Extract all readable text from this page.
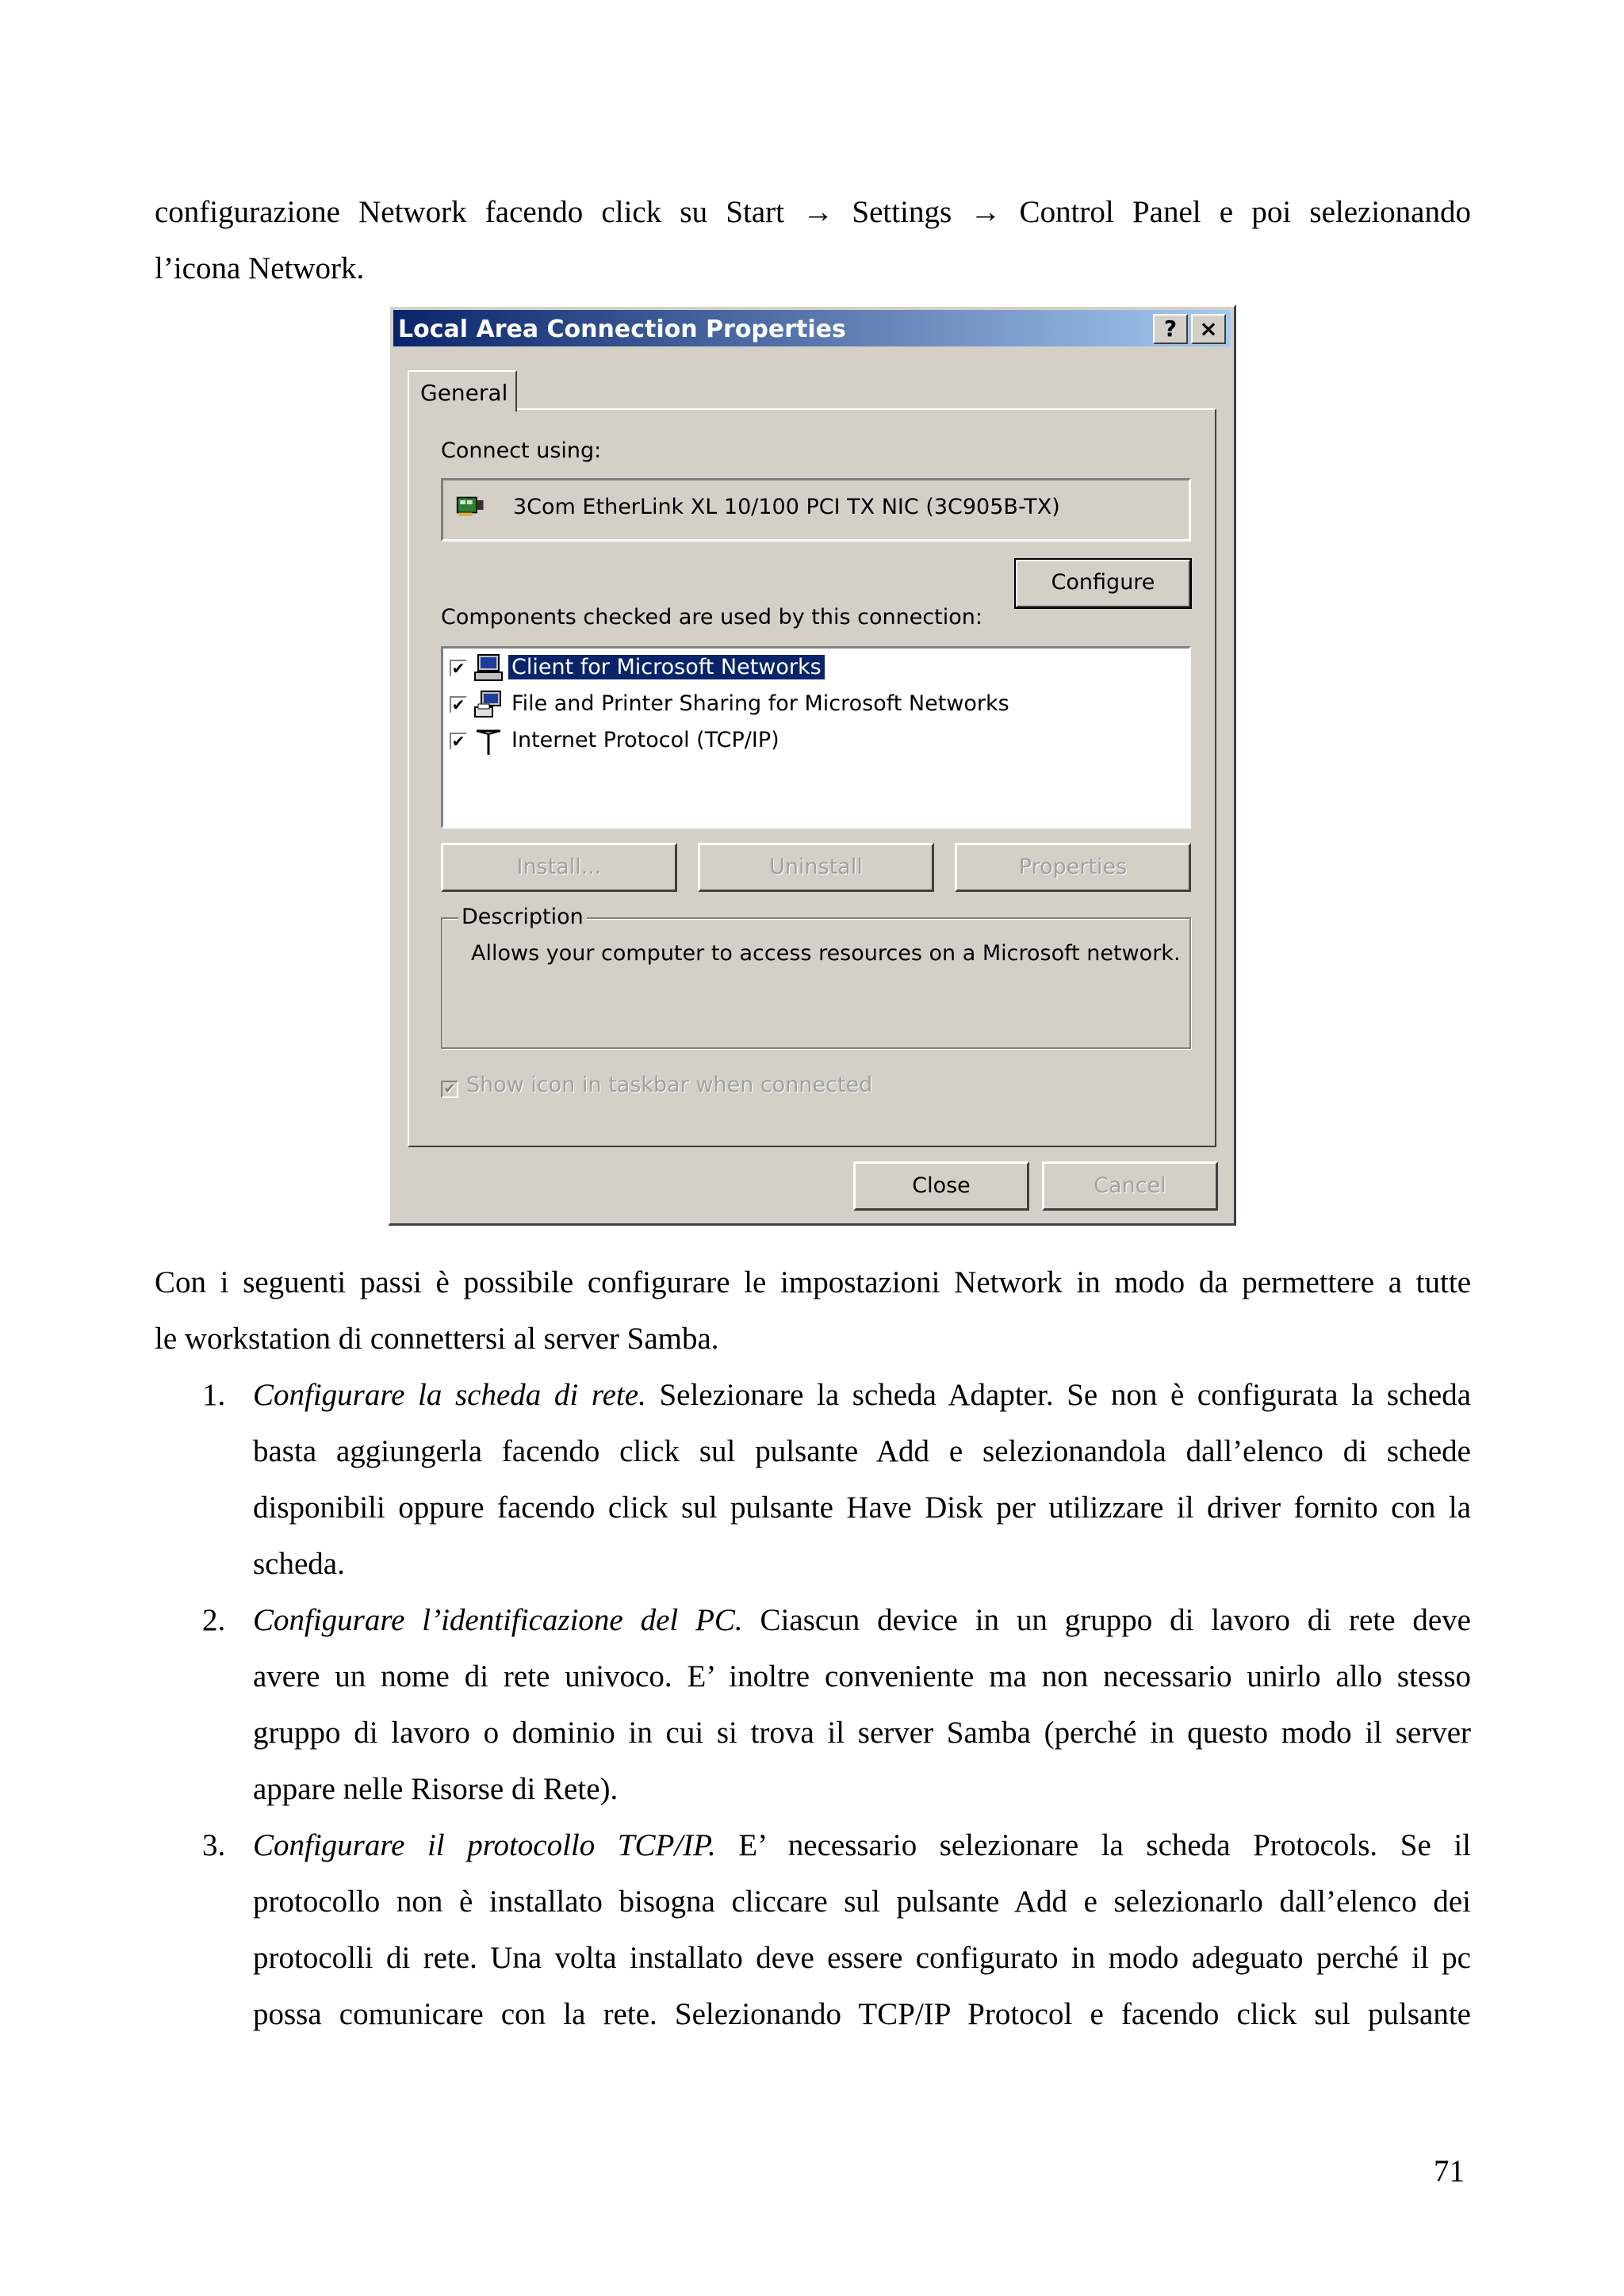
configurazione Network facendo click su Start → Settings → Control Panel e poi selezionando
l’icona Network.
Local Area Connection Properties	?	×
General
Connect using:
3Com EtherLink XL 10/100 PCI TX NIC (3C905B-TX)
Configure
Components checked are used by this connection:
✔ Client for Microsoft Networks
✔ File and Printer Sharing for Microsoft Networks
✔ Internet Protocol (TCP/IP)
Install...	Uninstall	Properties
Description
Allows your computer to access resources on a Microsoft network.
✔ Show icon in taskbar when connected
Close	Cancel
Con i seguenti passi è possibile configurare le impostazioni Network in modo da permettere a tutte
le workstation di connettersi al server Samba.
1. Configurare la scheda di rete. Selezionare la scheda Adapter. Se non è configurata la scheda
basta aggiungerla facendo click sul pulsante Add e selezionandola dall’elenco di schede
disponibili oppure facendo click sul pulsante Have Disk per utilizzare il driver fornito con la
scheda.
2. Configurare l’identificazione del PC. Ciascun device in un gruppo di lavoro di rete deve
avere un nome di rete univoco. E’ inoltre conveniente ma non necessario unirlo allo stesso
gruppo di lavoro o dominio in cui si trova il server Samba (perché in questo modo il server
appare nelle Risorse di Rete).
3. Configurare il protocollo TCP/IP. E’ necessario selezionare la scheda Protocols. Se il
protocollo non è installato bisogna cliccare sul pulsante Add e selezionarlo dall’elenco dei
protocolli di rete. Una volta installato deve essere configurato in modo adeguato perché il pc
possa comunicare con la rete. Selezionando TCP/IP Protocol e facendo click sul pulsante
71
